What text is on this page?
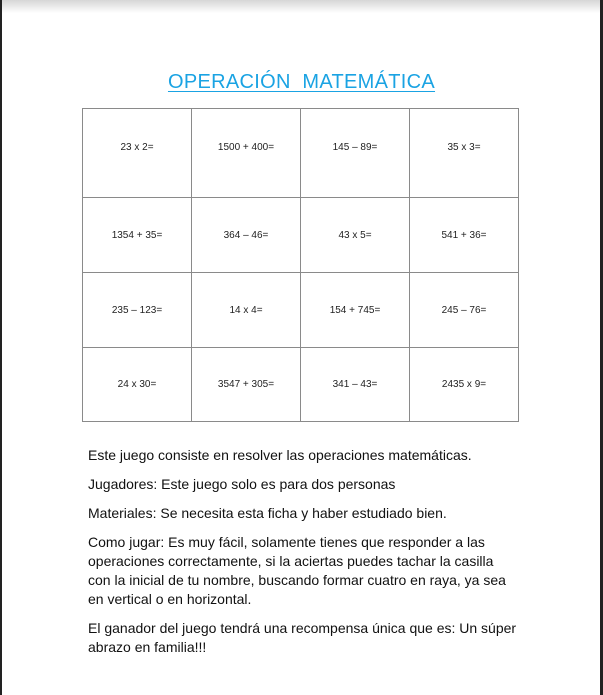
OPERACIÓN  MATEMÁTICA
23 x 2=	1500 + 400=	145 – 89=	35 x 3=
1354 + 35=	364 – 46=	43 x 5=	541 + 36=
235 – 123=	14 x 4=	154 + 745=	245 – 76=
24 x 30=	3547 + 305=	341 – 43=	2435 x 9=

Este juego consiste en resolver las operaciones matemáticas.

Jugadores: Este juego solo es para dos personas

Materiales: Se necesita esta ficha y haber estudiado bien.

Como jugar: Es muy fácil, solamente tienes que responder a las operaciones correctamente, si la aciertas puedes tachar la casilla con la inicial de tu nombre, buscando formar cuatro en raya, ya sea en vertical o en horizontal.

El ganador del juego tendrá una recompensa única que es: Un súper abrazo en familia!!!
